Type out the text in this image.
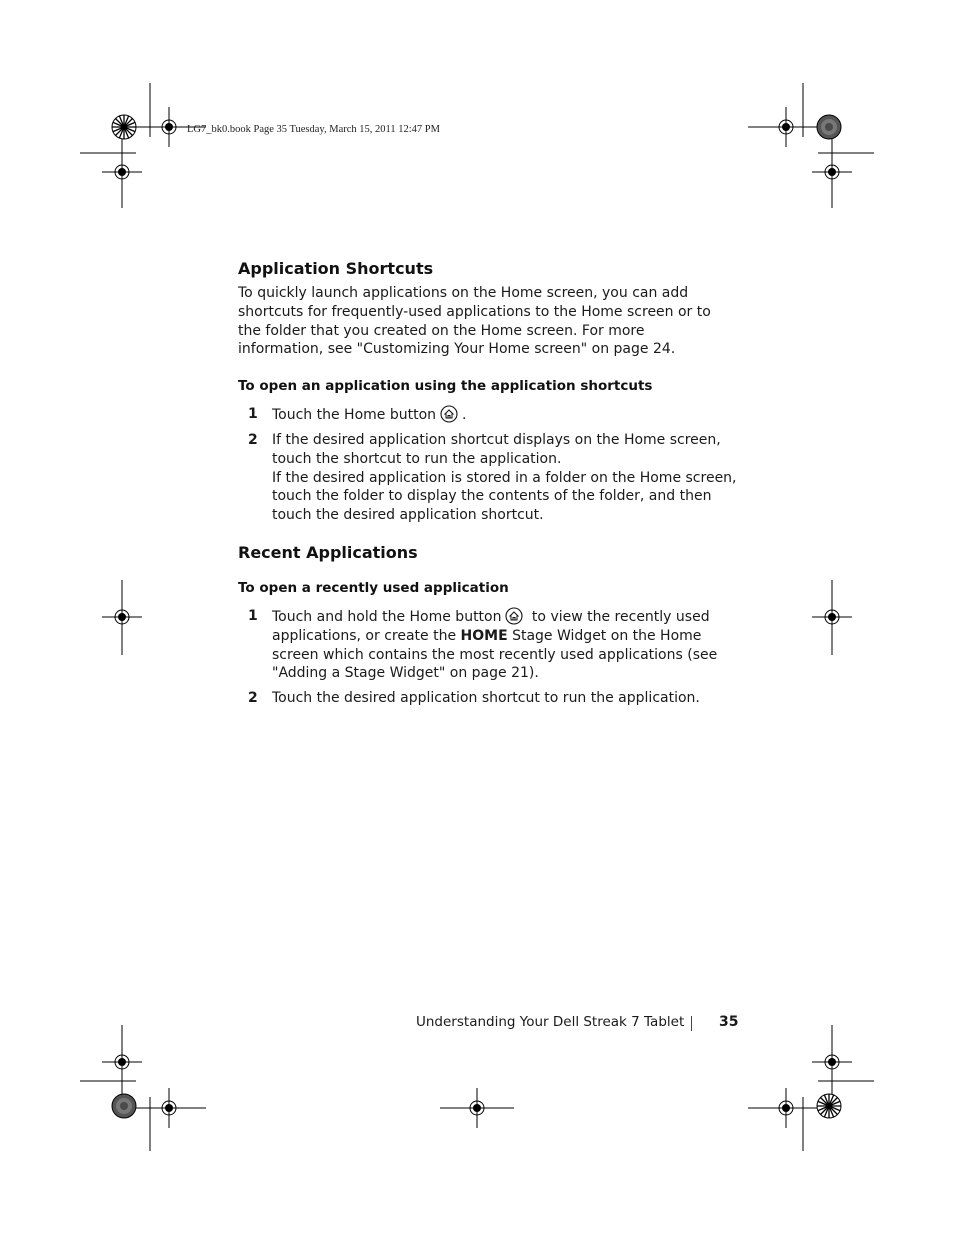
LG7_bk0.book Page 35 Tuesday, March 15, 2011 12:47 PM
Application Shortcuts

To quickly launch applications on the Home screen, you can add shortcuts for frequently-used applications to the Home screen or to the folder that you created on the Home screen. For more information, see "Customizing Your Home screen" on page 24.

To open an application using the application shortcuts
1	Touch the Home button .
2	If the desired application shortcut displays on the Home screen, touch the shortcut to run the application.
If the desired application is stored in a folder on the Home screen, touch the folder to display the contents of the folder, and then touch the desired application shortcut.
Recent Applications
To open a recently used application
1	Touch and hold the Home button to view the recently used applications, or create the HOME Stage Widget on the Home screen which contains the most recently used applications (see "Adding a Stage Widget" on page 21).
2	Touch the desired application shortcut to run the application.
Understanding Your Dell Streak 7 Tablet 35
